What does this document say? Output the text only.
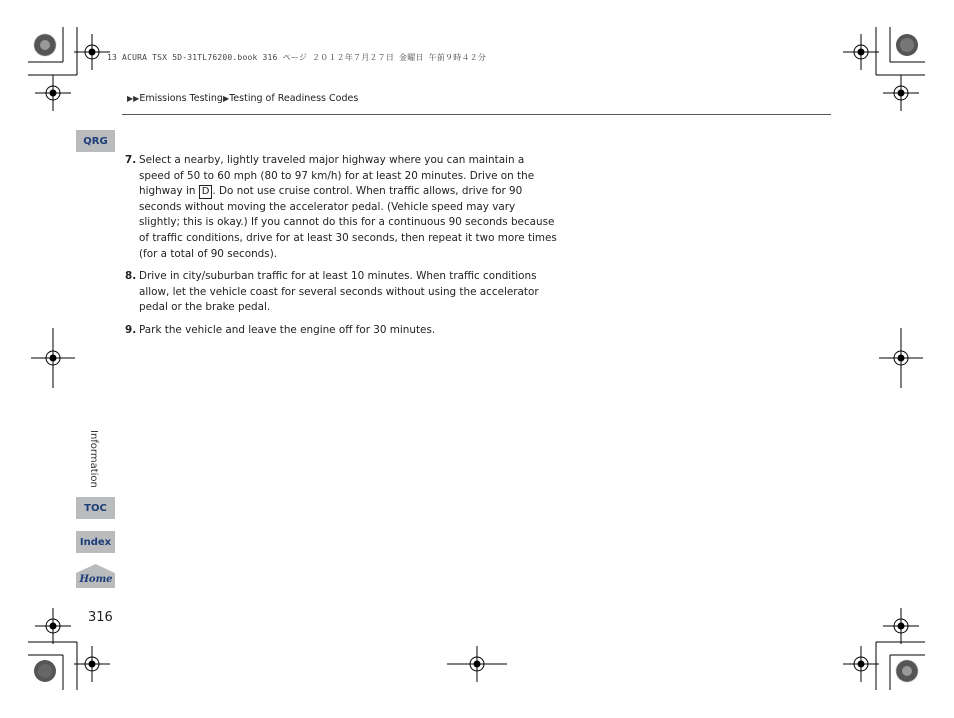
13 ACURA TSX 5D-31TL76200.book 316 ページ ２０１２年７月２７日 金曜日 午前９時４２分
▶▶Emissions Testing▶Testing of Readiness Codes
QRG
TOC
Index
Home
Information
316
7. Select a nearby, lightly traveled major highway where you can maintain a speed of 50 to 60 mph (80 to 97 km/h) for at least 20 minutes. Drive on the highway in D . Do not use cruise control. When traffic allows, drive for 90 seconds without moving the accelerator pedal. (Vehicle speed may vary slightly; this is okay.) If you cannot do this for a continuous 90 seconds because of traffic conditions, drive for at least 30 seconds, then repeat it two more times (for a total of 90 seconds).
8. Drive in city/suburban traffic for at least 10 minutes. When traffic conditions allow, let the vehicle coast for several seconds without using the accelerator pedal or the brake pedal.
9. Park the vehicle and leave the engine off for 30 minutes.
